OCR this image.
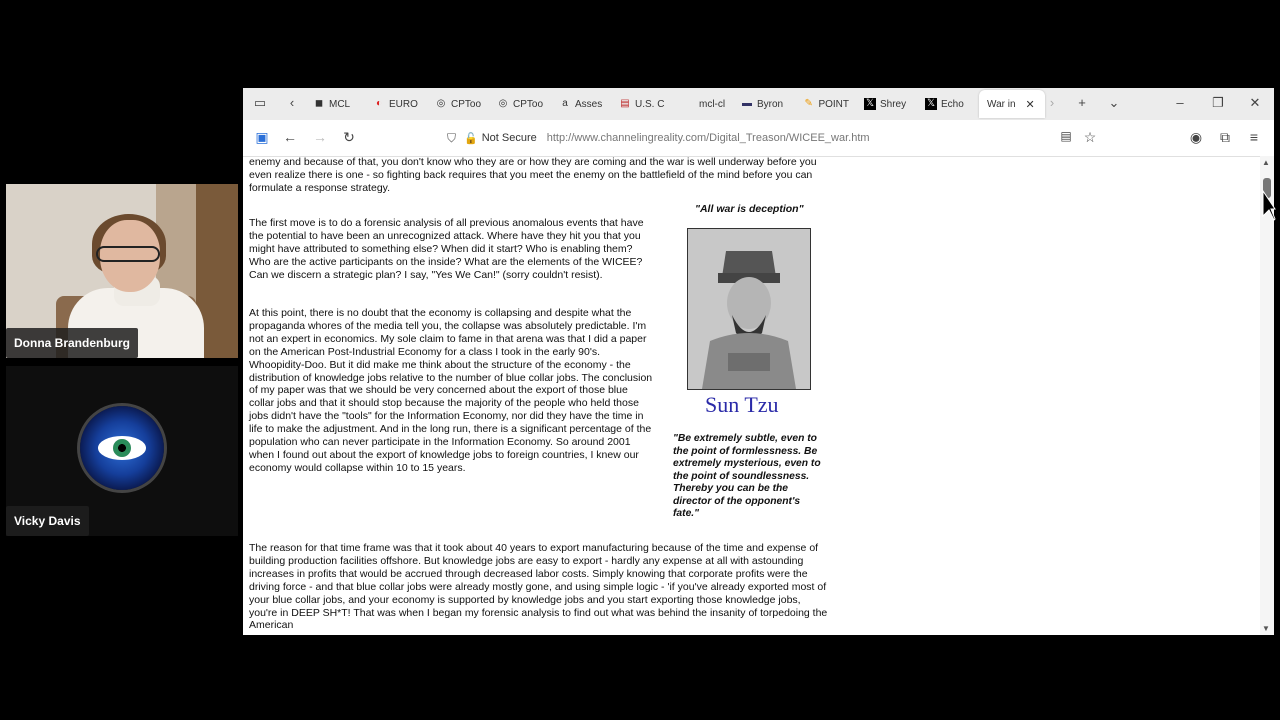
Donna Brandenburg
Vicky Davis
▭	‹	◼ MCL	◐ EURO ◎ CPToo ◎ CPToo	a Asses ▤ U.S. C	mcl-cl ▬ Byron ✎ POINT 𝕏 Shrey 𝕏 Echo War in ✕	›	+	⌄	–	❐ ✕
▣ ← → ↻	⛉ 🔓 Not Secure http://www.channelingreality.com/Digital_Treason/WICEE_war.htm	▤ ☆	◉ ⧉	≡
enemy and because of that, you don't know who they are or how they are coming and the war is well underway before you even realize there is one - so fighting back requires that you meet the enemy on the battlefield of the mind before you can formulate a response strategy.
The first move is to do a forensic analysis of all previous anomalous events that have the potential to have been an unrecognized attack. Where have they hit you that you might have attributed to something else? When did it start? Who is enabling them? Who are the active participants on the inside? What are the elements of the WICEE? Can we discern a strategic plan? I say, "Yes We Can!" (sorry couldn't resist).
At this point, there is no doubt that the economy is collapsing and despite what the propaganda whores of the media tell you, the collapse was absolutely predictable. I'm not an expert in economics. My sole claim to fame in that arena was that I did a paper on the American Post-Industrial Economy for a class I took in the early 90's. Whoopidity-Doo. But it did make me think about the structure of the economy - the distribution of knowledge jobs relative to the number of blue collar jobs. The conclusion of my paper was that we should be very concerned about the export of those blue collar jobs and that it should stop because the majority of the people who held those jobs didn't have the "tools" for the Information Economy, nor did they have the time in life to make the adjustment. And in the long run, there is a significant percentage of the population who can never participate in the Information Economy. So around 2001 when I found out about the export of knowledge jobs to foreign countries, I knew our economy would collapse within 10 to 15 years.
The reason for that time frame was that it took about 40 years to export manufacturing because of the time and expense of building production facilities offshore. But knowledge jobs are easy to export - hardly any expense at all with astounding increases in profits that would be accrued through decreased labor costs. Simply knowing that corporate profits were the driving force - and that blue collar jobs were already mostly gone, and using simple logic - 'if you've already exported most of your blue collar jobs, and your economy is supported by knowledge jobs and you start exporting those knowledge jobs, you're in DEEP SH*T! That was when I began my forensic analysis to find out what was behind the insanity of torpedoing the American
"All war is deception"
Sun Tzu
"Be extremely subtle, even to the point of formlessness. Be extremely mysterious, even to the point of soundlessness. Thereby you can be the director of the opponent's fate."
▲
▼
